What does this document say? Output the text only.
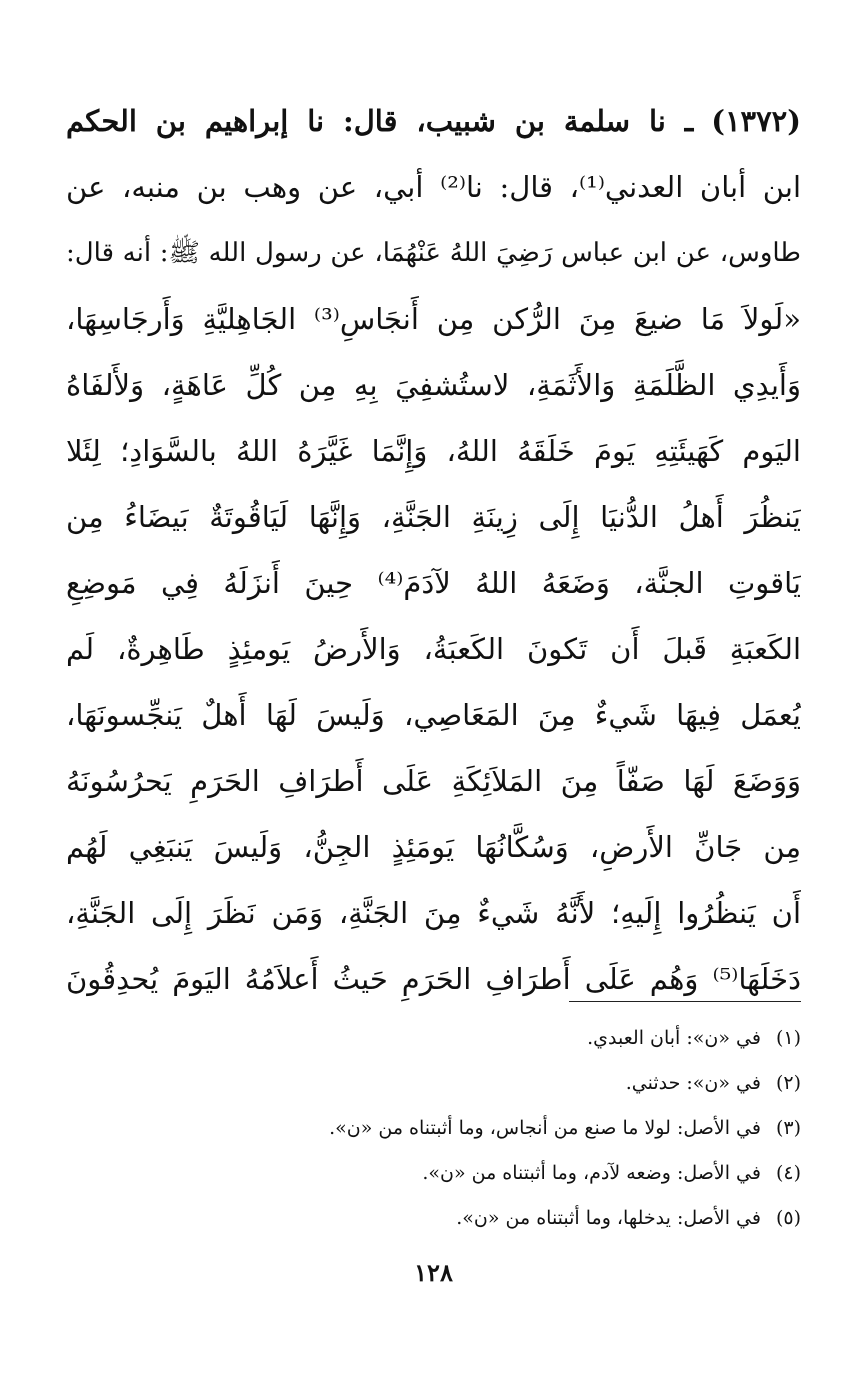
(١٣٧٢) ـ نا سلمة بن شبيب، قال: نا إبراهيم بن الحكم
ابن أبان العدني⁽¹⁾، قال: نا⁽²⁾ أبي، عن وهب بن منبه، عن
طاوس، عن ابن عباس رَضِيَ اللهُ عَنْهُمَا، عن رسول الله ﷺ: أنه قال:
«لَولاَ مَا ضيعَ مِنَ الرُّكن مِن أَنجَاسِ⁽³⁾ الجَاهِليَّةِ وَأَرجَاسِهَا،
وَأَيدِي الظَّلَمَةِ وَالأَثَمَةِ، لاستُشفِيَ بِهِ مِن كُلِّ عَاهَةٍ، وَلأَلفَاهُ
اليَوم كَهَيئَتِهِ يَومَ خَلَقَهُ اللهُ، وَإِنَّمَا غَيَّرَهُ اللهُ بالسَّوَادِ؛ لِئَلا
يَنظُرَ أَهلُ الدُّنيَا إِلَى زِينَةِ الجَنَّةِ، وَإِنَّهَا لَيَاقُوتَةٌ بَيضَاءُ مِن
يَاقوتِ الجنَّة، وَضَعَهُ اللهُ لآدَمَ⁽⁴⁾ حِينَ أَنزَلَهُ فِي مَوضِعِ
الكَعبَةِ قَبلَ أَن تَكونَ الكَعبَةُ، وَالأَرضُ يَومئِذٍ طَاهِرةٌ، لَم
يُعمَل فِيهَا شَيءٌ مِنَ المَعَاصِي، وَلَيسَ لَهَا أَهلٌ يَنجِّسونَهَا،
وَوَضَعَ لَهَا صَفّاً مِنَ المَلاَئِكَةِ عَلَى أَطرَافِ الحَرَمِ يَحرُسُونَهُ
مِن جَانِّ الأَرضِ، وَسُكَّانُهَا يَومَئِذٍ الجِنُّ، وَلَيسَ يَنبَغِي لَهُم
أَن يَنظُرُوا إِلَيهِ؛ لأَنَّهُ شَيءٌ مِنَ الجَنَّةِ، وَمَن نَظَرَ إِلَى الجَنَّةِ،
دَخَلَهَا⁽⁵⁾ وَهُم عَلَى أَطرَافِ الحَرَمِ حَيثُ أَعلاَمُهُ اليَومَ يُحدِقُونَ
(١) في «ن»: أبان العبدي.
(٢) في «ن»: حدثني.
(٣) في الأصل: لولا ما صنع من أنجاس، وما أثبتناه من «ن».
(٤) في الأصل: وضعه لآدم، وما أثبتناه من «ن».
(٥) في الأصل: يدخلها، وما أثبتناه من «ن».
١٢٨
